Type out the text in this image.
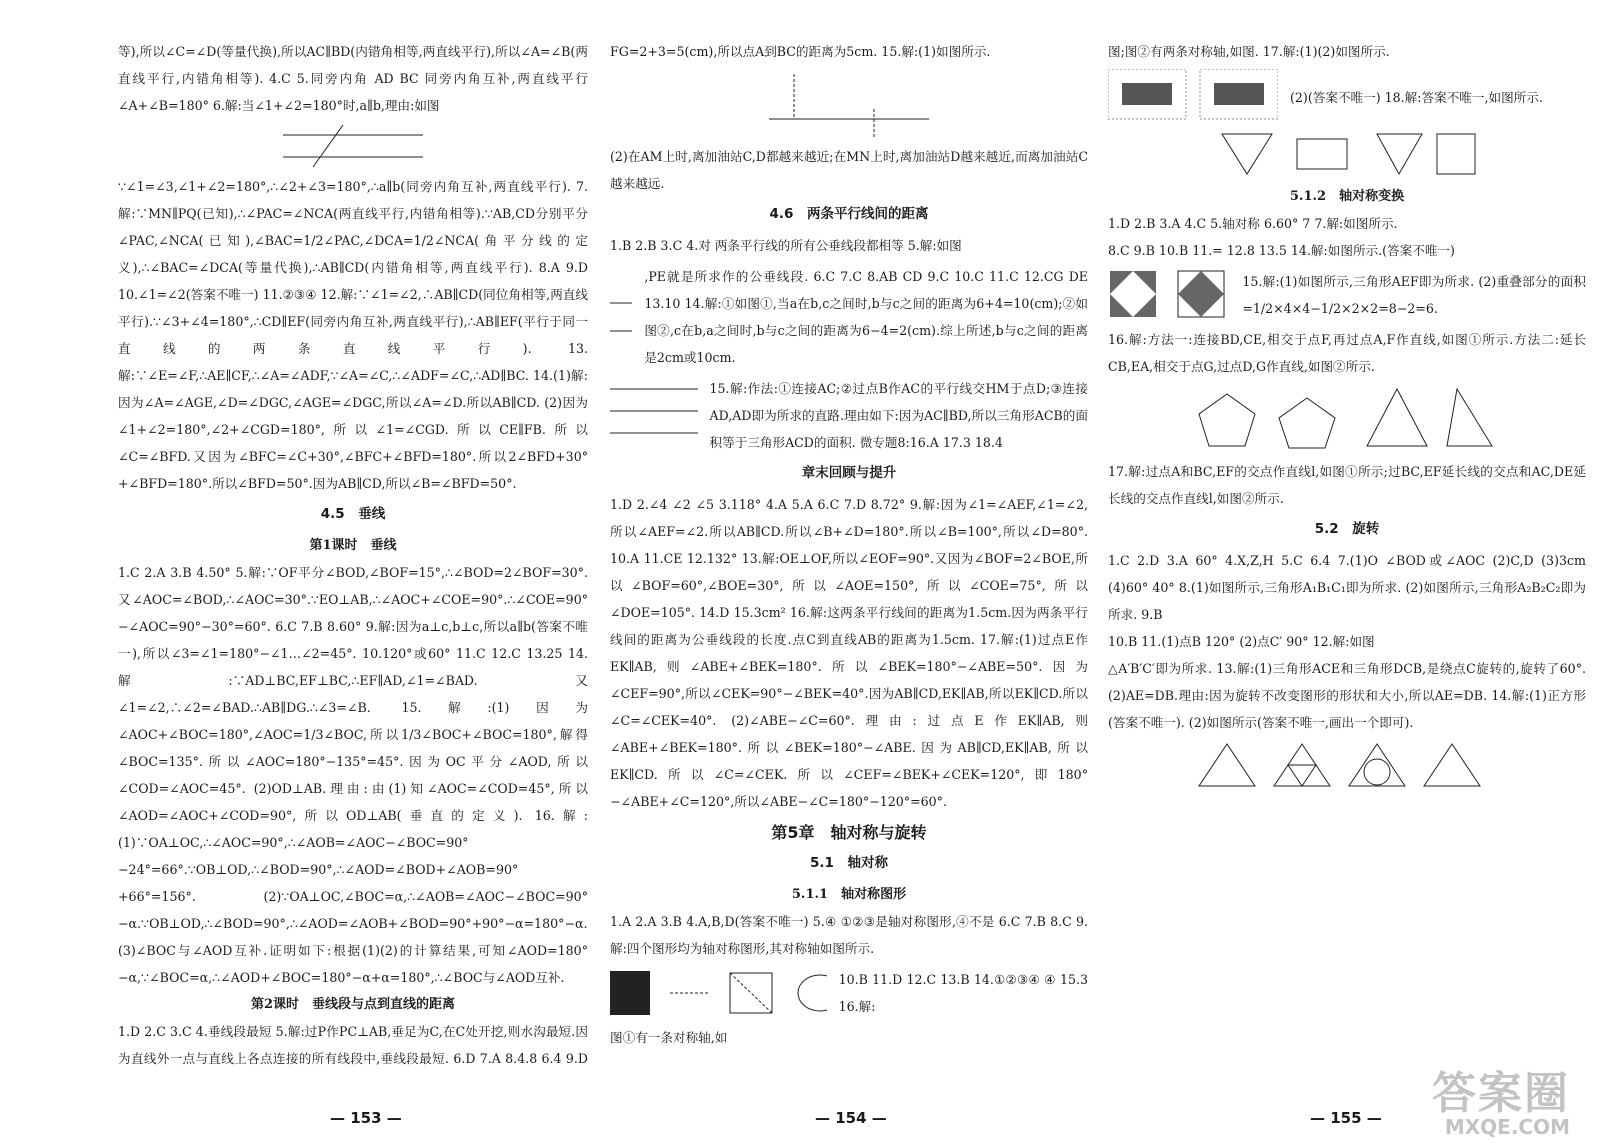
等),所以∠C=∠D(等量代换),所以AC∥BD(内错角相等,两直线平行),所以∠A=∠B(两直线平行,内错角相等). 4.C 5.同旁内角 AD BC 同旁内角互补,两直线平行 ∠A+∠B=180° 6.解:当∠1+∠2=180°时,a∥b,理由:如图

∵∠1=∠3,∠1+∠2=180°,∴∠2+∠3=180°,∴a∥b(同旁内角互补,两直线平行). 7.解:∵MN∥PQ(已知),∴∠PAC=∠NCA(两直线平行,内错角相等).∵AB,CD分别平分∠PAC,∠NCA(已知),∠BAC=1/2∠PAC,∠DCA=1/2∠NCA(角平分线的定义),∴∠BAC=∠DCA(等量代换),∴AB∥CD(内错角相等,两直线平行). 8.A 9.D 10.∠1=∠2(答案不唯一) 11.②③④ 12.解:∵∠1=∠2,∴AB∥CD(同位角相等,两直线平行).∵∠3+∠4=180°,∴CD∥EF(同旁内角互补,两直线平行),∴AB∥EF(平行于同一直线的两条直线平行). 13.解:∵∠E=∠F,∴AE∥CF,∴∠A=∠ADF,∵∠A=∠C,∴∠ADF=∠C,∴AD∥BC. 14.(1)解:因为∠A=∠AGE,∠D=∠DGC,∠AGE=∠DGC,所以∠A=∠D.所以AB∥CD. (2)因为∠1+∠2=180°,∠2+∠CGD=180°,所以∠1=∠CGD.所以CE∥FB.所以∠C=∠BFD.又因为∠BFC=∠C+30°,∠BFC+∠BFD=180°.所以2∠BFD+30°+∠BFD=180°.所以∠BFD=50°.因为AB∥CD,所以∠B=∠BFD=50°.

4.5　垂线
第1课时　垂线

1.C 2.A 3.B 4.50° 5.解:∵OF平分∠BOD,∠BOF=15°,∴∠BOD=2∠BOF=30°.又∠AOC=∠BOD,∴∠AOC=30°.∵EO⊥AB,∴∠AOC+∠COE=90°.∴∠COE=90°−∠AOC=90°−30°=60°. 6.C 7.B 8.60° 9.解:因为a⊥c,b⊥c,所以a∥b(答案不唯一),所以∠3=∠1=180°−∠1…∠2=45°. 10.120°或60° 11.C 12.C 13.25 14.解:∵AD⊥BC,EF⊥BC,∴EF∥AD,∠1=∠BAD.又∠1=∠2,∴∠2=∠BAD.∴AB∥DG.∴∠3=∠B. 15.解:(1)因为∠AOC+∠BOC=180°,∠AOC=1/3∠BOC,所以1/3∠BOC+∠BOC=180°,解得∠BOC=135°.所以∠AOC=180°−135°=45°.因为OC平分∠AOD,所以∠COD=∠AOC=45°. (2)OD⊥AB.理由:由(1)知∠AOC=∠COD=45°,所以∠AOD=∠AOC+∠COD=90°,所以OD⊥AB(垂直的定义). 16.解:(1)∵OA⊥OC,∴∠AOC=90°,∴∠AOB=∠AOC−∠BOC=90°−24°=66°.∵OB⊥OD,∴∠BOD=90°,∴∠AOD=∠BOD+∠AOB=90°+66°=156°. (2)∵OA⊥OC,∠BOC=α,∴∠AOB=∠AOC−∠BOC=90°−α.∵OB⊥OD,∴∠BOD=90°,∴∠AOD=∠AOB+∠BOD=90°+90°−α=180°−α. (3)∠BOC与∠AOD互补.证明如下:根据(1)(2)的计算结果,可知∠AOD=180°−α,∵∠BOC=α,∴∠AOD+∠BOC=180°−α+α=180°,∴∠BOC与∠AOD互补.

第2课时　垂线段与点到直线的距离

1.D 2.C 3.C 4.垂线段最短 5.解:过P作PC⊥AB,垂足为C,在C处开挖,则水沟最短.因为直线外一点与直线上各点连接的所有线段中,垂线段最短. 6.D 7.A 8.4.8 6.4 9.D

FG=2+3=5(cm),所以点A到BC的距离为5cm. 15.解:(1)如图所示.

(2)在AM上时,离加油站C,D都越来越近;在MN上时,离加油站D越来越近,而离加油站C越来越远.

4.6　两条平行线间的距离

1.B 2.B 3.C 4.对 两条平行线的所有公垂线段都相等 5.解:如图

,PE就是所求作的公垂线段. 6.C 7.C 8.AB CD 9.C 10.C 11.C 12.CG DE 13.10 14.解:①如图①,当a在b,c之间时,b与c之间的距离为6+4=10(cm);②如图②,c在b,a之间时,b与c之间的距离为6−4=2(cm).综上所述,b与c之间的距离是2cm或10cm.

15.解:作法:①连接AC;②过点B作AC的平行线交HM于点D;③连接AD,AD即为所求的直路.理由如下:因为AC∥BD,所以三角形ACB的面积等于三角形ACD的面积. 微专题8:16.A 17.3 18.4

章末回顾与提升

1.D 2.∠4 ∠2 ∠5 3.118° 4.A 5.A 6.C 7.D 8.72° 9.解:因为∠1=∠AEF,∠1=∠2,所以∠AEF=∠2.所以AB∥CD.所以∠B+∠D=180°.所以∠B=100°,所以∠D=80°. 10.A 11.CE 12.132° 13.解:OE⊥OF,所以∠EOF=90°.又因为∠BOF=2∠BOE,所以∠BOF=60°,∠BOE=30°,所以∠AOE=150°,所以∠COE=75°,所以∠DOE=105°. 14.D 15.3cm² 16.解:这两条平行线间的距离为1.5cm.因为两条平行线间的距离为公垂线段的长度.点C到直线AB的距离为1.5cm. 17.解:(1)过点E作EK∥AB,则∠ABE+∠BEK=180°.所以∠BEK=180°−∠ABE=50°.因为∠CEF=90°,所以∠CEK=90°−∠BEK=40°.因为AB∥CD,EK∥AB,所以EK∥CD.所以∠C=∠CEK=40°. (2)∠ABE−∠C=60°.理由:过点E作EK∥AB,则∠ABE+∠BEK=180°.所以∠BEK=180°−∠ABE.因为AB∥CD,EK∥AB,所以EK∥CD.所以∠C=∠CEK.所以∠CEF=∠BEK+∠CEK=120°,即180°−∠ABE+∠C=120°,所以∠ABE−∠C=180°−120°=60°.

第5章　轴对称与旋转
5.1　轴对称
5.1.1　轴对称图形

1.A 2.A 3.B 4.A,B,D(答案不唯一) 5.④ ①②③是轴对称图形,④不是 6.C 7.B 8.C 9.解:四个图形均为轴对称图形,其对称轴如图所示.

10.B 11.D 12.C 13.B 14.①②③④ ④ 15.3 16.解:

图①有一条对称轴,如

图;图②有两条对称轴,如图. 17.解:(1)(2)如图所示.

(2)(答案不唯一) 18.解:答案不唯一,如图所示.

5.1.2　轴对称变换

1.D 2.B 3.A 4.C 5.轴对称 6.60° 7 7.解:如图所示.

8.C 9.B 10.B 11.= 12.8 13.5 14.解:如图所示.(答案不唯一)

15.解:(1)如图所示,三角形AEF即为所求. (2)重叠部分的面积=1/2×4×4−1/2×2×2=8−2=6.

16.解:方法一:连接BD,CE,相交于点F,再过点A,F作直线,如图①所示.方法二:延长CB,EA,相交于点G,过点D,G作直线,如图②所示.

17.解:过点A和BC,EF的交点作直线l,如图①所示;过BC,EF延长线的交点和AC,DE延长线的交点作直线l,如图②所示.

5.2　旋转

1.C 2.D 3.A 60° 4.X,Z,H 5.C 6.4 7.(1)O ∠BOD或∠AOC (2)C,D (3)3cm (4)60° 40° 8.(1)如图所示,三角形A₁B₁C₁即为所求. (2)如图所示,三角形A₂B₂C₂即为所求. 9.B

10.B 11.(1)点B 120° (2)点C′ 90° 12.解:如图

△A′B′C′即为所求. 13.解:(1)三角形ACE和三角形DCB,是绕点C旋转的,旋转了60°. (2)AE=DB.理由:因为旋转不改变图形的形状和大小,所以AE=DB. 14.解:(1)正方形(答案不唯一). (2)如图所示(答案不唯一,画出一个即可).

— 153 —	— 154 —	— 155 — 答案圈
MXQE.COM
